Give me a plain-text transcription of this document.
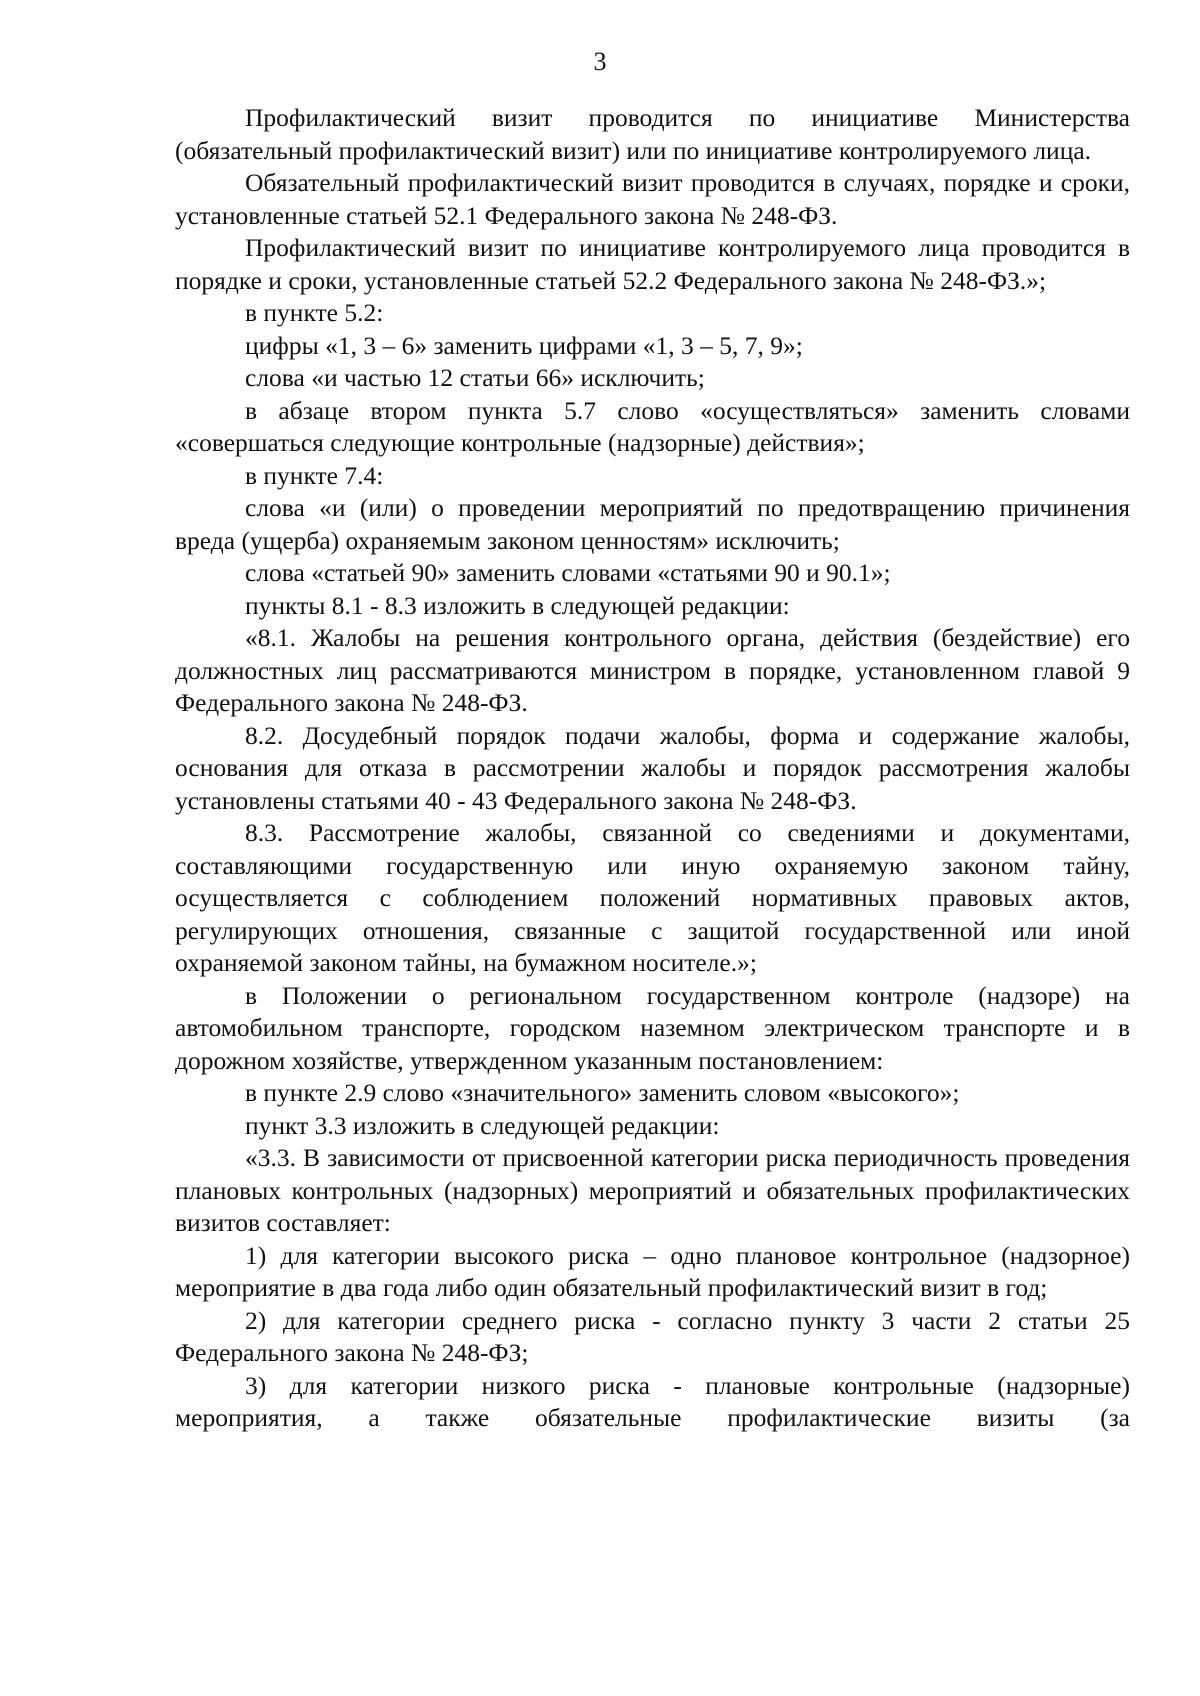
3

Профилактический визит проводится по инициативе Министерства (обязательный профилактический визит) или по инициативе контролируемого лица.

Обязательный профилактический визит проводится в случаях, порядке и сроки, установленные статьей 52.1 Федерального закона № 248-ФЗ.

Профилактический визит по инициативе контролируемого лица проводится в порядке и сроки, установленные статьей 52.2 Федерального закона № 248-ФЗ.»;

в пункте 5.2:

цифры «1, 3 – 6» заменить цифрами «1, 3 – 5, 7, 9»;

слова «и частью 12 статьи 66» исключить;

в абзаце втором пункта 5.7 слово «осуществляться» заменить словами «совершаться следующие контрольные (надзорные) действия»;

в пункте 7.4:

слова «и (или) о проведении мероприятий по предотвращению причинения вреда (ущерба) охраняемым законом ценностям» исключить;

слова «статьей 90» заменить словами «статьями 90 и 90.1»;

пункты 8.1 - 8.3 изложить в следующей редакции:

«8.1. Жалобы на решения контрольного органа, действия (бездействие) его должностных лиц рассматриваются министром в порядке, установленном главой 9 Федерального закона № 248-ФЗ.

8.2. Досудебный порядок подачи жалобы, форма и содержание жалобы, основания для отказа в рассмотрении жалобы и порядок рассмотрения жалобы установлены статьями 40 - 43 Федерального закона № 248-ФЗ.

8.3. Рассмотрение жалобы, связанной со сведениями и документами, составляющими государственную или иную охраняемую законом тайну, осуществляется с соблюдением положений нормативных правовых актов, регулирующих отношения, связанные с защитой государственной или иной охраняемой законом тайны, на бумажном носителе.»;

в Положении о региональном государственном контроле (надзоре) на автомобильном транспорте, городском наземном электрическом транспорте и в дорожном хозяйстве, утвержденном указанным постановлением:

в пункте 2.9 слово «значительного» заменить словом «высокого»;

пункт 3.3 изложить в следующей редакции:

«3.3. В зависимости от присвоенной категории риска периодичность проведения плановых контрольных (надзорных) мероприятий и обязательных профилактических визитов составляет:

1) для категории высокого риска – одно плановое контрольное (надзорное) мероприятие в два года либо один обязательный профилактический визит в год;

2) для категории среднего риска - согласно пункту 3 части 2 статьи 25 Федерального закона № 248-ФЗ;

3) для категории низкого риска - плановые контрольные (надзорные) мероприятия, а также обязательные профилактические визиты (за
